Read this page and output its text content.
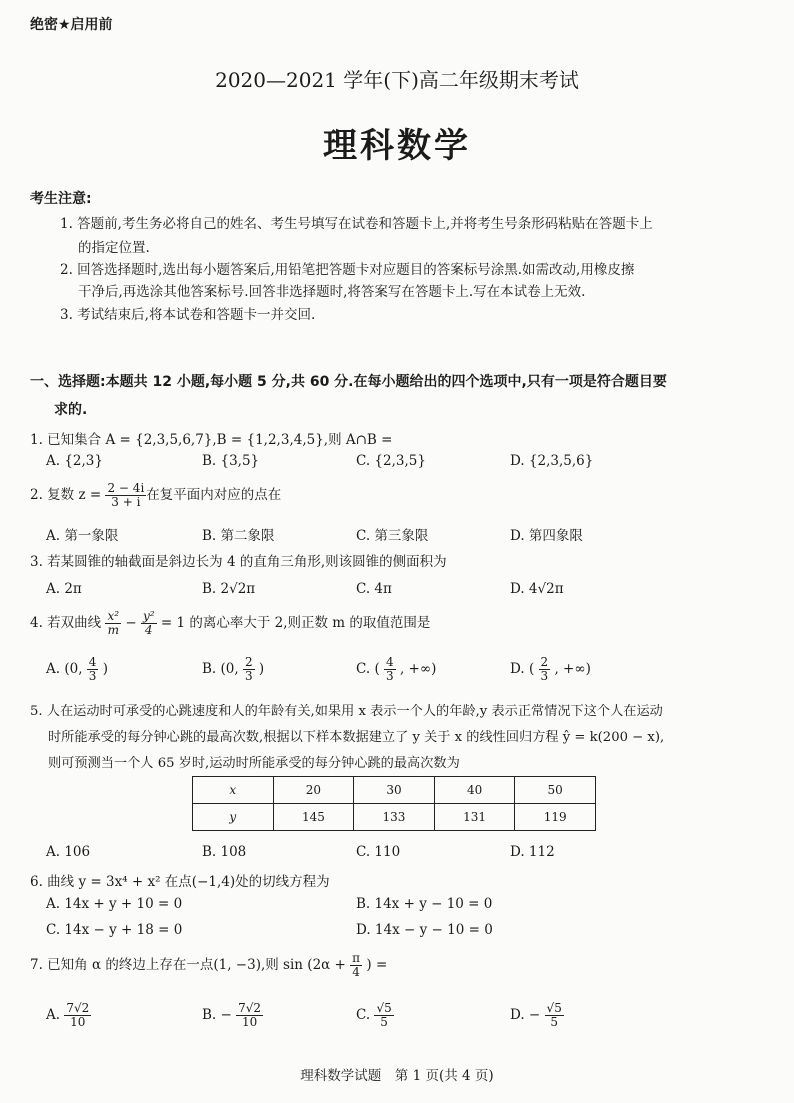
绝密★启用前
2020—2021 学年(下)高二年级期末考试
理科数学
考生注意:
1. 答题前,考生务必将自己的姓名、考生号填写在试卷和答题卡上,并将考生号条形码粘贴在答题卡上
的指定位置.
2. 回答选择题时,选出每小题答案后,用铅笔把答题卡对应题目的答案标号涂黑.如需改动,用橡皮擦
干净后,再选涂其他答案标号.回答非选择题时,将答案写在答题卡上.写在本试卷上无效.
3. 考试结束后,将本试卷和答题卡一并交回.
一、选择题:本题共 12 小题,每小题 5 分,共 60 分.在每小题给出的四个选项中,只有一项是符合题目要
求的.
1. 已知集合 A = {2,3,5,6,7},B = {1,2,3,4,5},则 A∩B =
A. {2,3}	B. {3,5}	C. {2,3,5}	D. {2,3,5,6}
2. 复数 $z = \frac{2 - 4i}{3 + i}$ 在复平面内对应的点在
A. 第一象限	B. 第二象限	C. 第三象限	D. 第四象限
3. 若某圆锥的轴截面是斜边长为 4 的直角三角形,则该圆锥的侧面积为
A. 2π	B. 2√2π	C. 4π	D. 4√2π
4. 若双曲线 $\frac{\text{x²}}{m} - \frac{\text{y²}}{4} = 1$ 的离心率大于 2,则正数 m 的取值范围是
A. (0, $\frac{4}{3}$ )	B. (0, $\frac{2}{3}$ )	C. ( $\frac{4}{3}$ , +∞)	D. ( $\frac{2}{3}$ , +∞)
5. 人在运动时可承受的心跳速度和人的年龄有关,如果用 x 表示一个人的年龄,y 表示正常情况下这个人在运动
时所能承受的每分钟心跳的最高次数,根据以下样本数据建立了 y 关于 x 的线性回归方程 ŷ = k(200 − x),
则可预测当一个人 65 岁时,运动时所能承受的每分钟心跳的最高次数为
x	20	30	40	50
y	145	133	131	119
A. 106	B. 108	C. 110	D. 112
6. 曲线 y = 3x⁴ + x² 在点(−1,4)处的切线方程为
A. 14x + y + 10 = 0	B. 14x + y − 10 = 0
C. 14x − y + 18 = 0	D. 14x − y − 10 = 0
7. 已知角 α 的终边上存在一点(1, −3),则 $\sin (2\alpha + \frac{\pi}{4}$ ) =
A. $\frac{7√2}{10}$	B. − $\frac{7√2}{10}$	C. $\frac{√5}{5}$	D. − $\frac{√5}{5}$
理科数学试题　第 1 页(共 4 页)
